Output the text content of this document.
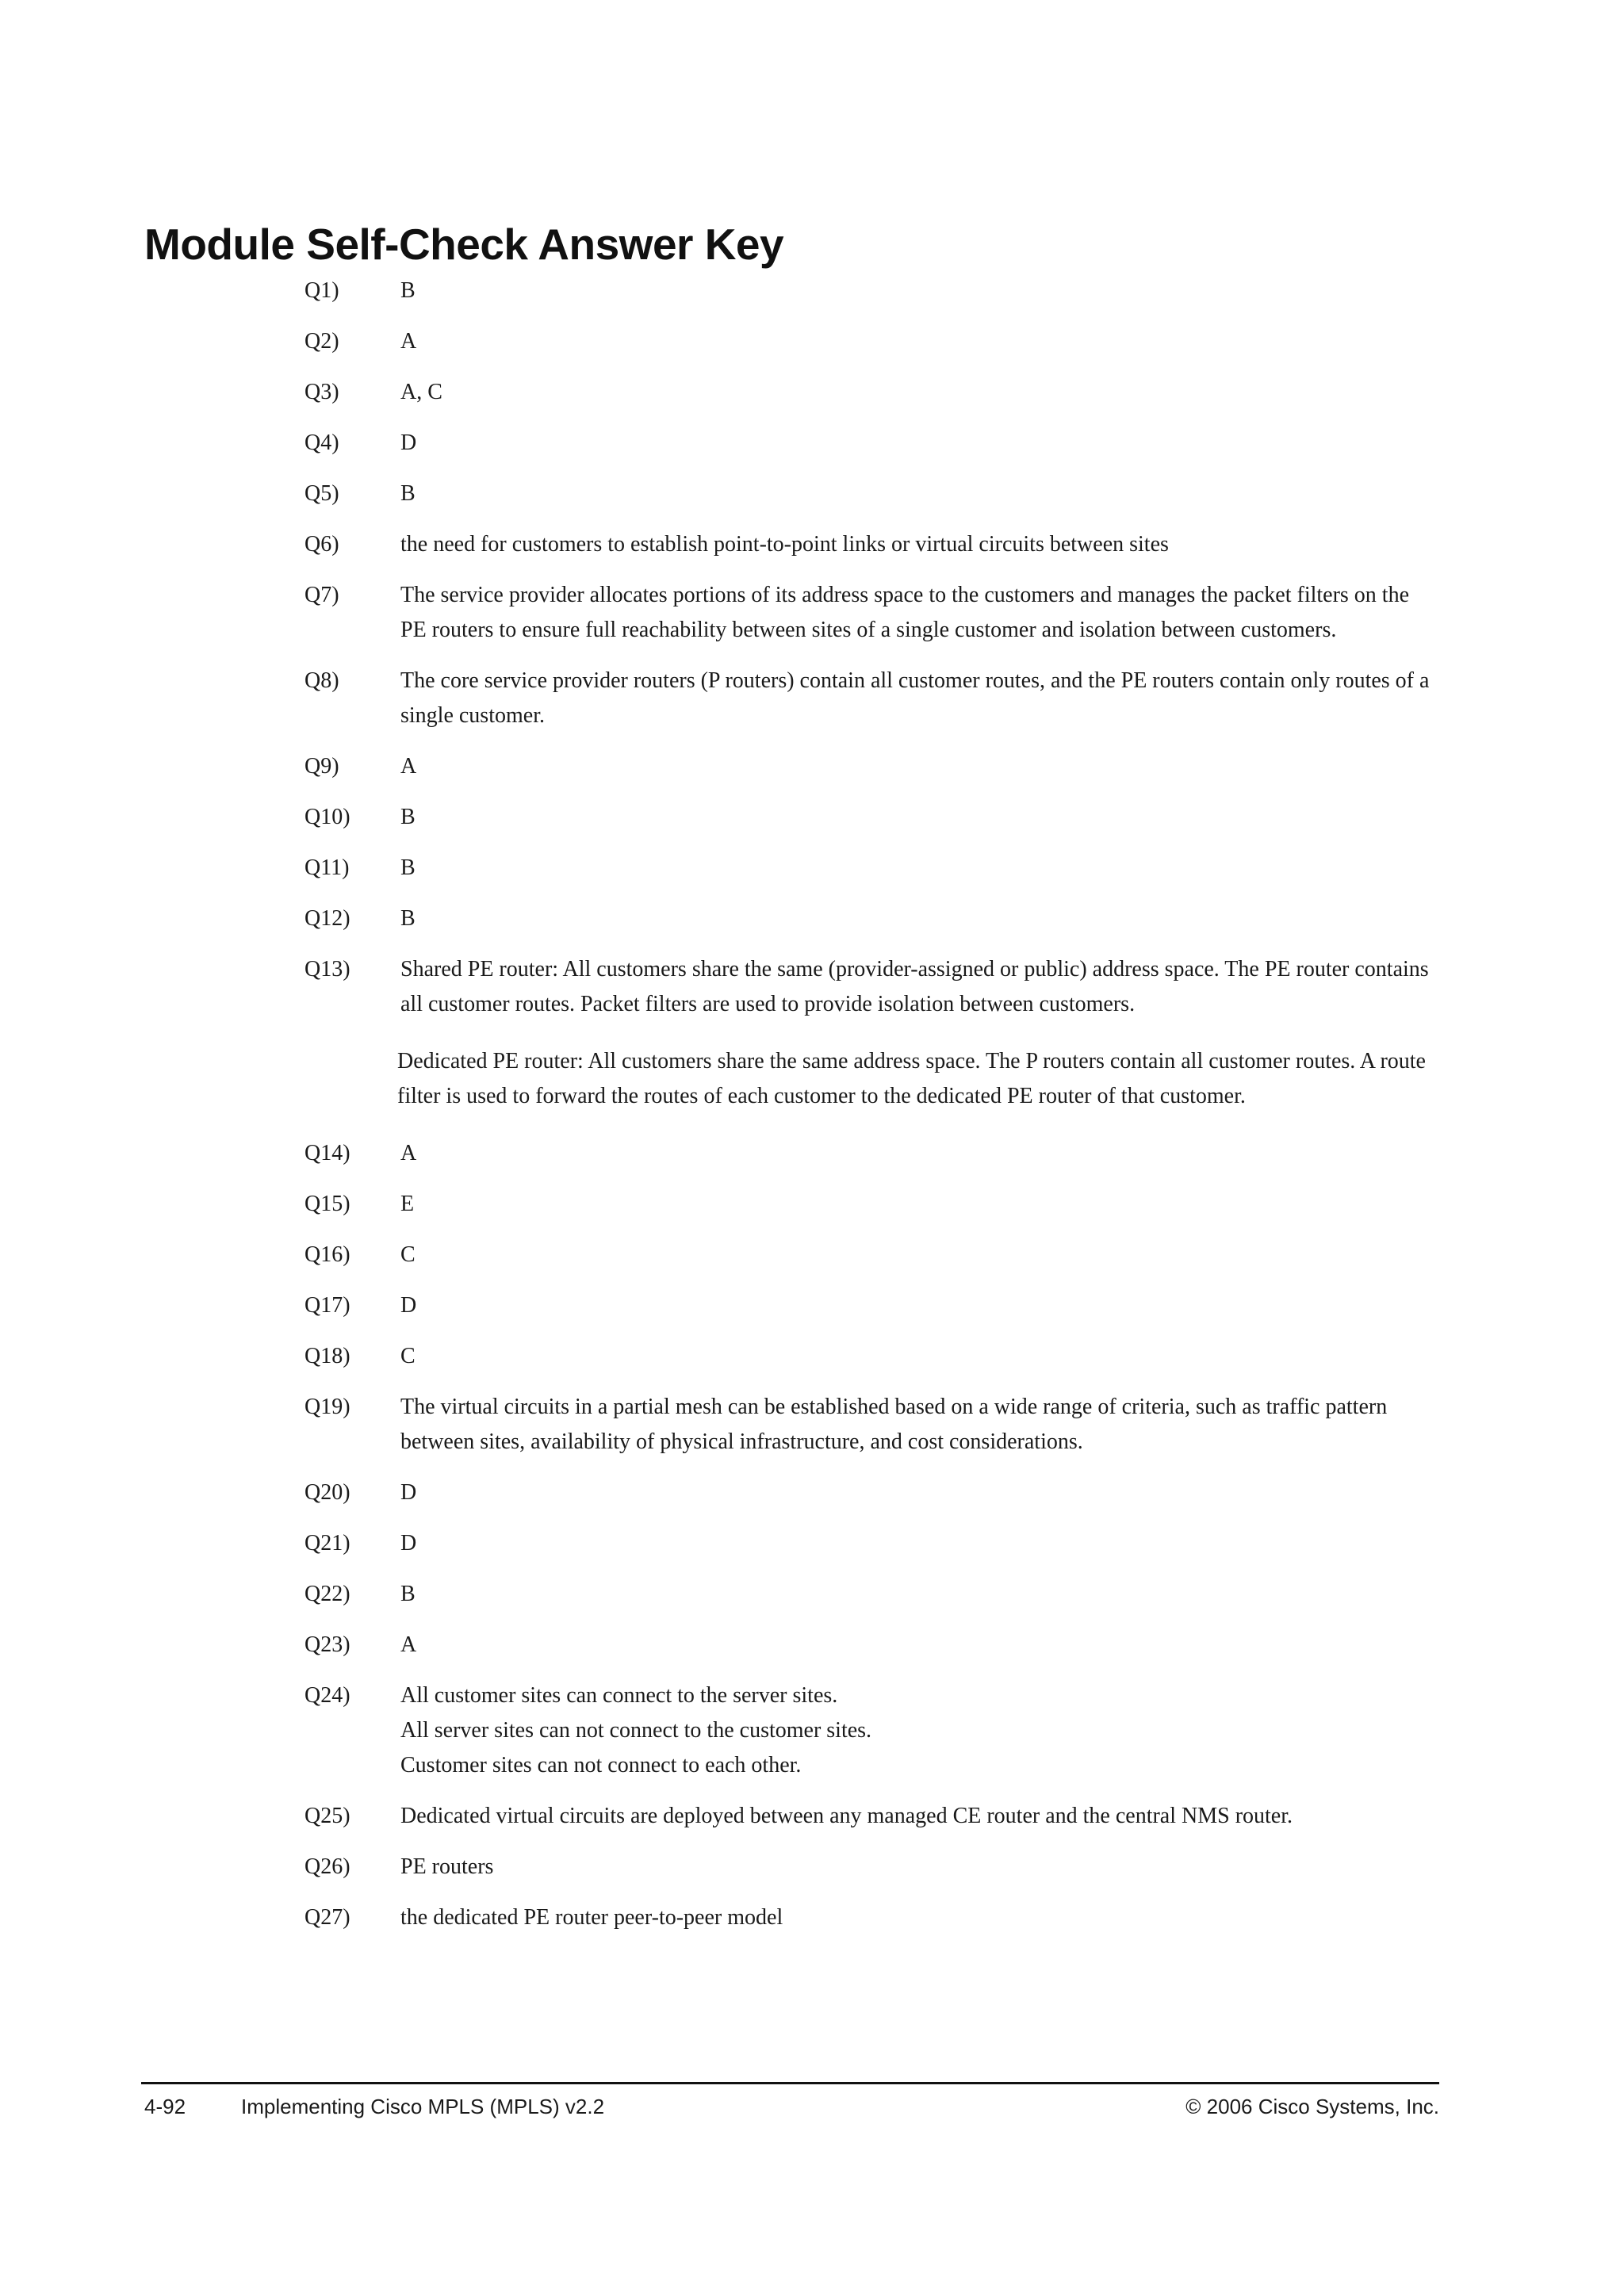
Module Self-Check Answer Key
Q1)	B
Q2)	A
Q3)	A, C
Q4)	D
Q5)	B
Q6)	the need for customers to establish point-to-point links or virtual circuits between sites
Q7)	The service provider allocates portions of its address space to the customers and manages the packet filters on the PE routers to ensure full reachability between sites of a single customer and isolation between customers.
Q8)	The core service provider routers (P routers) contain all customer routes, and the PE routers contain only routes of a single customer.
Q9)	A
Q10) B
Q11) B
Q12) B
Q13) Shared PE router: All customers share the same (provider-assigned or public) address space. The PE router contains all customer routes. Packet filters are used to provide isolation between customers.
Dedicated PE router: All customers share the same address space. The P routers contain all customer routes. A route filter is used to forward the routes of each customer to the dedicated PE router of that customer.
Q14) A
Q15) E
Q16) C
Q17) D
Q18) C
Q19) The virtual circuits in a partial mesh can be established based on a wide range of criteria, such as traffic pattern between sites, availability of physical infrastructure, and cost considerations.
Q20) D
Q21) D
Q22) B
Q23) A
Q24) All customer sites can connect to the server sites.
All server sites can not connect to the customer sites.
Customer sites can not connect to each other.
Q25) Dedicated virtual circuits are deployed between any managed CE router and the central NMS router.
Q26) PE routers
Q27) the dedicated PE router peer-to-peer model
4-92	Implementing Cisco MPLS (MPLS) v2.2	© 2006 Cisco Systems, Inc.
